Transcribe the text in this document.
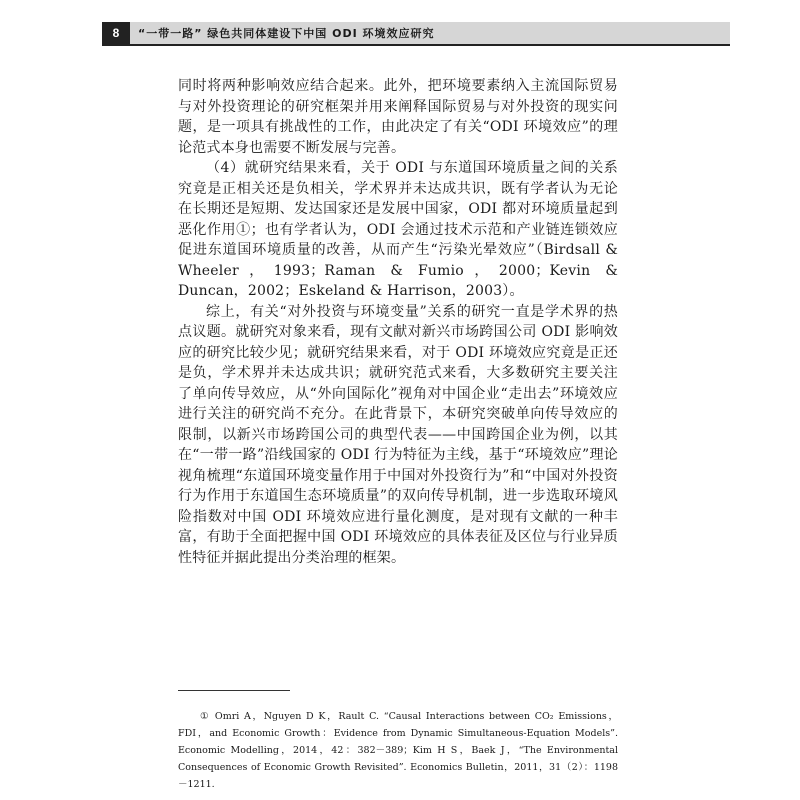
8	“一带一路” 绿色共同体建设下中国 ODI 环境效应研究

同时将两种影响效应结合起来。此外，把环境要素纳入主流国际贸易与对外投资理论的研究框架并用来阐释国际贸易与对外投资的现实问题，是一项具有挑战性的工作，由此决定了有关“ODI 环境效应”的理论范式本身也需要不断发展与完善。

（4）就研究结果来看，关于 ODI 与东道国环境质量之间的关系究竟是正相关还是负相关，学术界并未达成共识，既有学者认为无论在长期还是短期、发达国家还是发展中国家，ODI 都对环境质量起到恶化作用①；也有学者认为，ODI 会通过技术示范和产业链连锁效应促进东道国环境质量的改善，从而产生“污染光晕效应”（Birdsall & Wheeler，1993；Raman & Fumio，2000；Kevin & Duncan，2002；Eskeland & Harrison，2003）。

综上，有关“对外投资与环境变量”关系的研究一直是学术界的热点议题。就研究对象来看，现有文献对新兴市场跨国公司 ODI 影响效应的研究比较少见；就研究结果来看，对于 ODI 环境效应究竟是正还是负，学术界并未达成共识；就研究范式来看，大多数研究主要关注了单向传导效应，从“外向国际化”视角对中国企业“走出去”环境效应进行关注的研究尚不充分。在此背景下，本研究突破单向传导效应的限制，以新兴市场跨国公司的典型代表——中国跨国企业为例，以其在“一带一路”沿线国家的 ODI 行为特征为主线，基于“环境效应”理论视角梳理“东道国环境变量作用于中国对外投资行为”和“中国对外投资行为作用于东道国生态环境质量”的双向传导机制，进一步选取环境风险指数对中国 ODI 环境效应进行量化测度，是对现有文献的一种丰富，有助于全面把握中国 ODI 环境效应的具体表征及区位与行业异质性特征并据此提出分类治理的框架。

① Omri A，Nguyen D K，Rault C. “Causal Interactions between CO₂ Emissions，FDI，and Economic Growth：Evidence from Dynamic Simultaneous-Equation Models”. Economic Modelling，2014，42：382－389；Kim H S，Baek J，“The Environmental Consequences of Economic Growth Revisited”. Economics Bulletin，2011，31（2）：1198－1211.
